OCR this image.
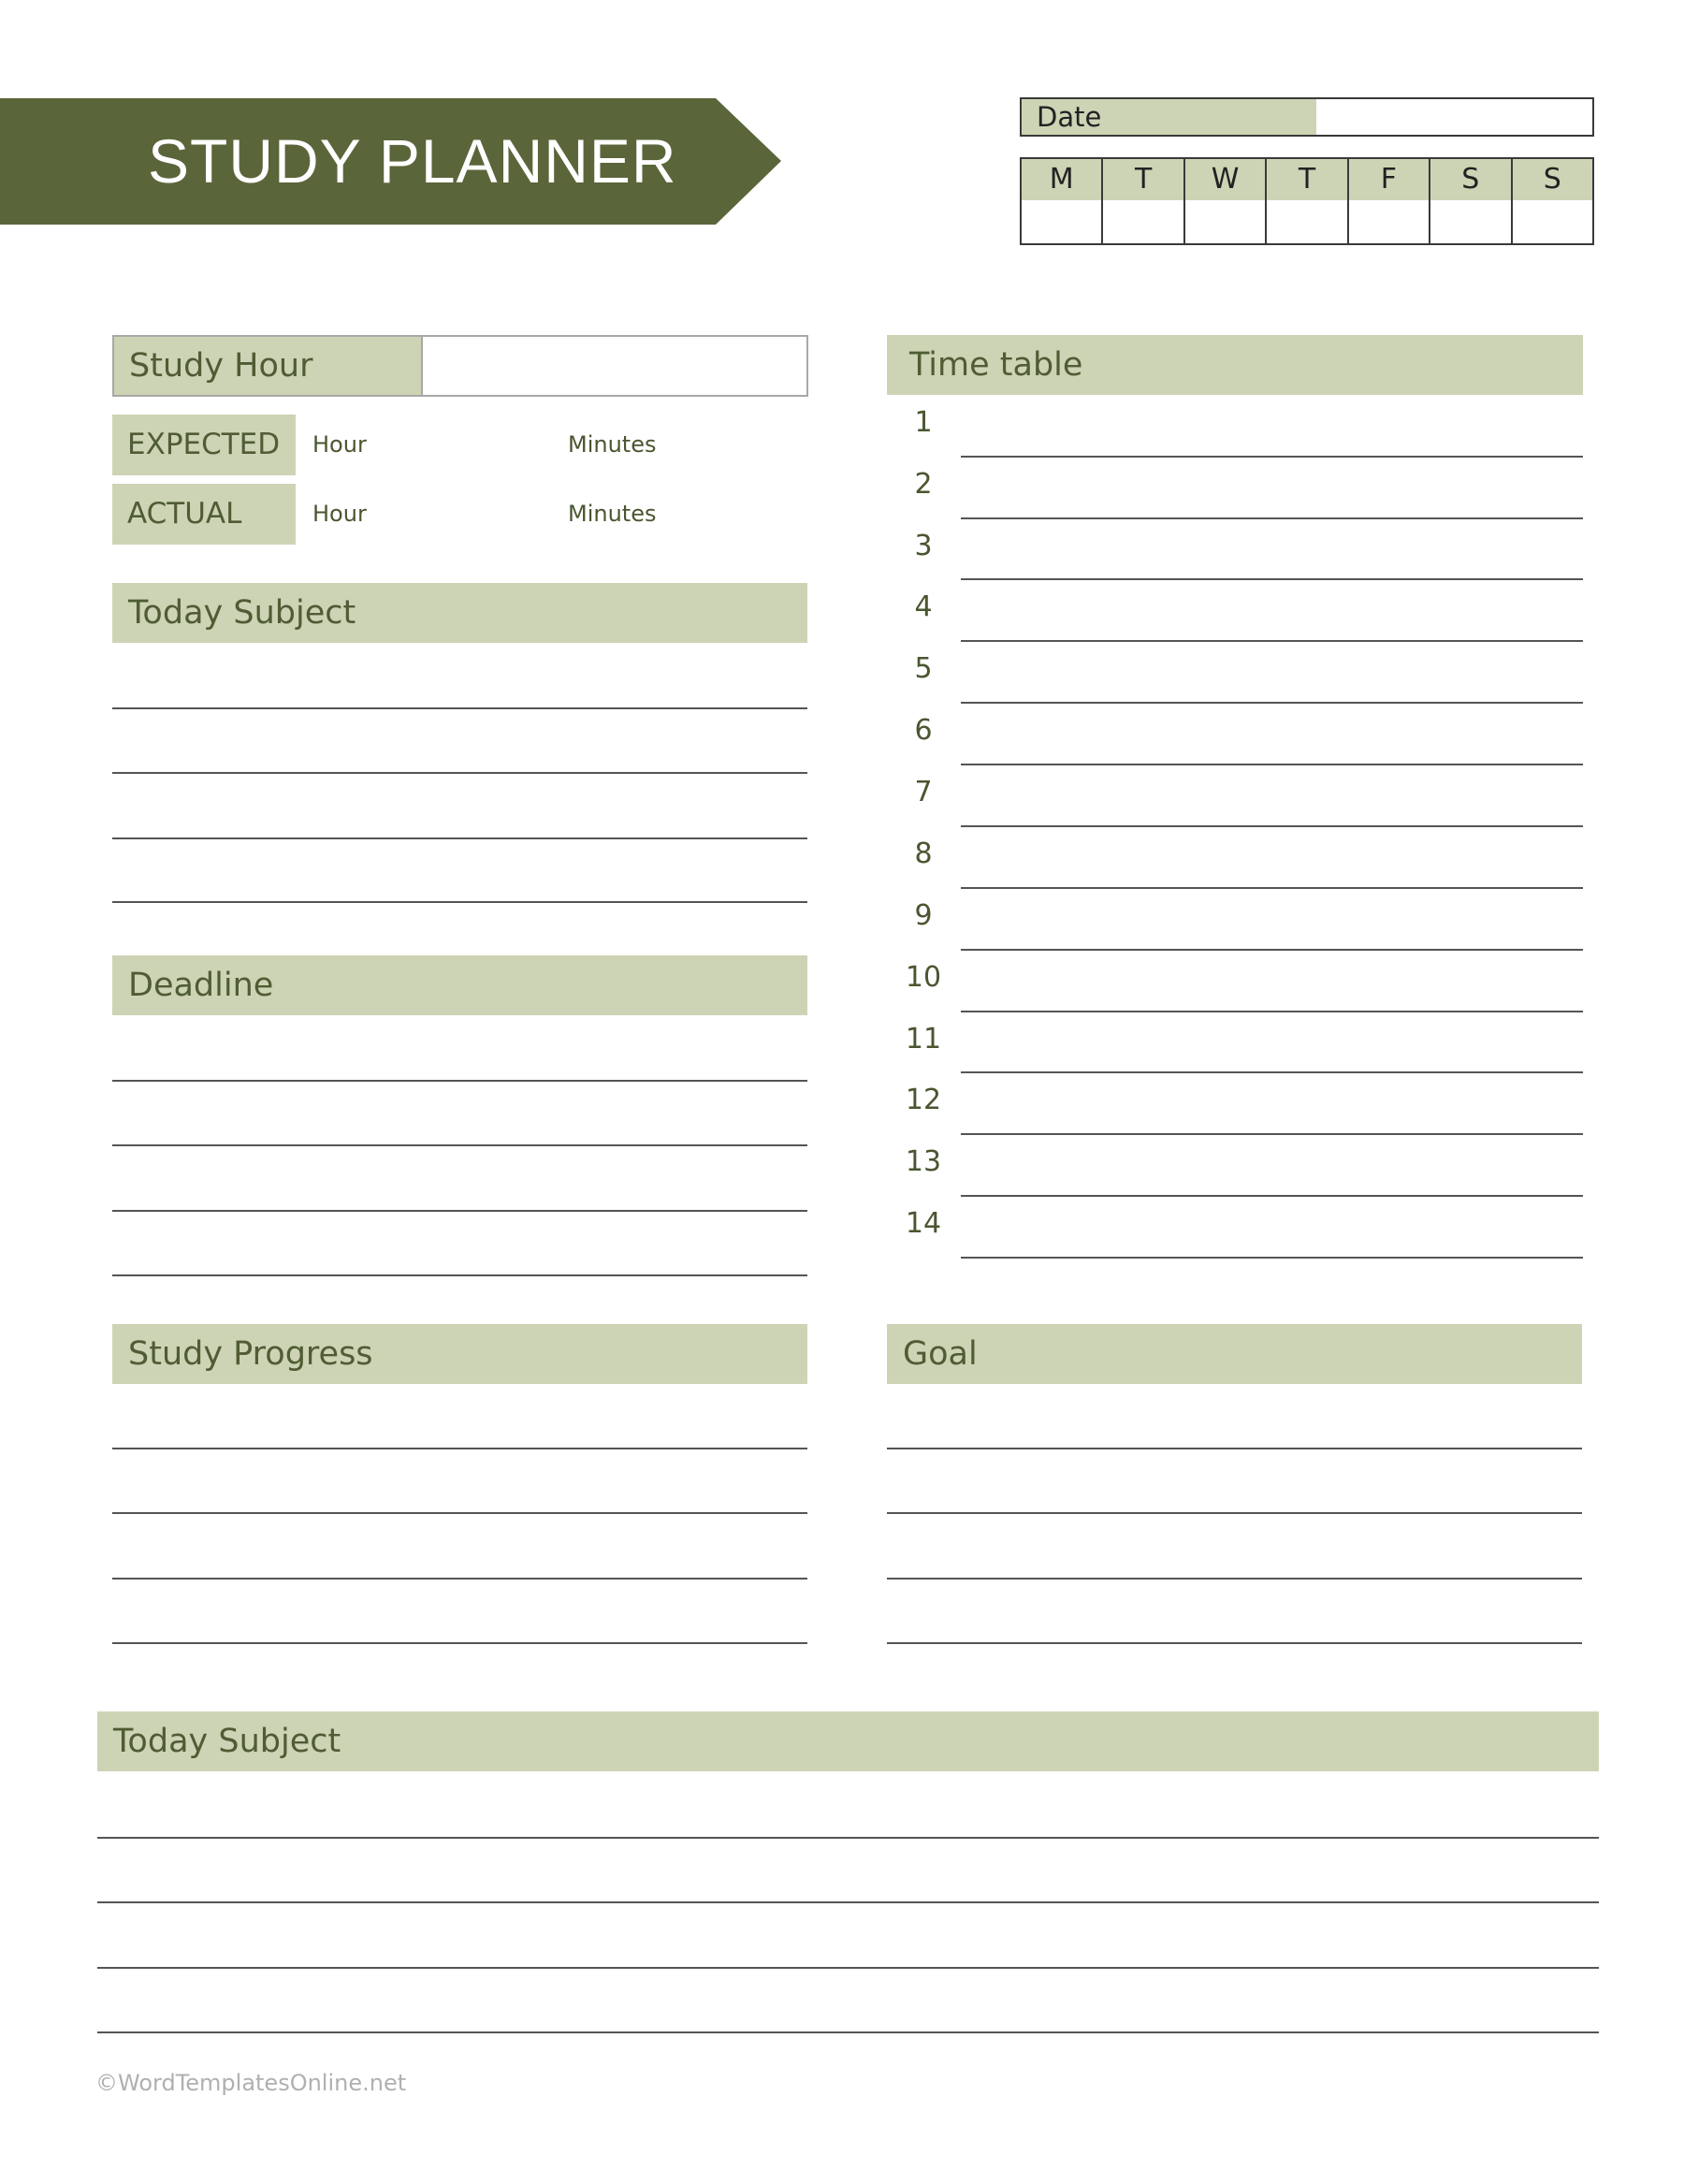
STUDY PLANNER
Date
M	T	W	T	F	S	S
Study Hour
EXPECTED	Hour	Minutes
ACTUAL	Hour	Minutes
Today Subject
Deadline
Study Progress
Time table
1
2
3
4
5
6
7
8
9
10
11
12
13
14
Goal
Today Subject
©WordTemplatesOnline.net
